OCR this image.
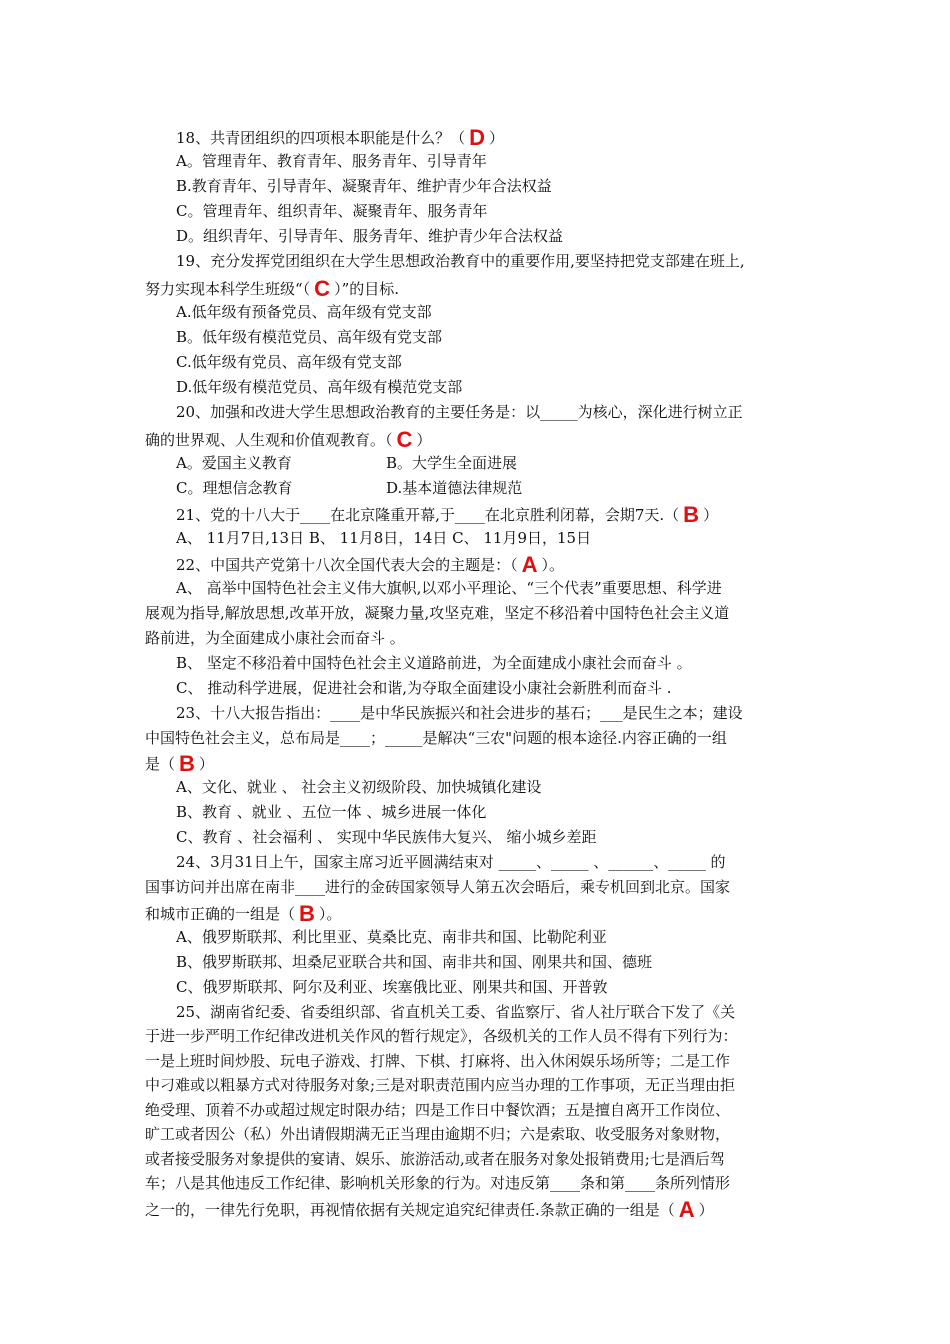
18、共青团组织的四项根本职能是什么？（ D ）
A。管理青年、教育青年、服务青年、引导青年
B.教育青年、引导青年、凝聚青年、维护青少年合法权益
C。管理青年、组织青年、凝聚青年、服务青年
D。组织青年、引导青年、服务青年、维护青少年合法权益
19、充分发挥党团组织在大学生思想政治教育中的重要作用,要坚持把党支部建在班上,
努力实现本科学生班级“（ C ）”的目标.
A.低年级有预备党员、高年级有党支部
B。低年级有模范党员、高年级有党支部
C.低年级有党员、高年级有党支部
D.低年级有模范党员、高年级有模范党支部
20、加强和改进大学生思想政治教育的主要任务是：以_____为核心，深化进行树立正
确的世界观、人生观和价值观教育。（ C ）
A。爱国主义教育	B。大学生全面进展
C。理想信念教育	D.基本道德法律规范
21、党的十八大于____在北京隆重开幕,于____在北京胜利闭幕，会期7天.（ B ）
A、 11月7日,13日 B、 11月8日，14日 C、 11月9日，15日
22、中国共产党第十八次全国代表大会的主题是：（ A ）。
A、 高举中国特色社会主义伟大旗帜,以邓小平理论、“三个代表”重要思想、科学进
展观为指导,解放思想,改革开放，凝聚力量,攻坚克难，坚定不移沿着中国特色社会主义道
路前进，为全面建成小康社会而奋斗 。
B、 坚定不移沿着中国特色社会主义道路前进，为全面建成小康社会而奋斗 。
C、 推动科学进展，促进社会和谐,为夺取全面建设小康社会新胜利而奋斗 .
23、十八大报告指出：____是中华民族振兴和社会进步的基石；___是民生之本；建设
中国特色社会主义，总布局是____；_____是解决“三农"问题的根本途径.内容正确的一组
是（ B ）
A、文化、就业 、 社会主义初级阶段、加快城镇化建设
B、教育 、就业 、五位一体 、城乡进展一体化
C、教育 、社会福利 、 实现中华民族伟大复兴、 缩小城乡差距
24、3月31日上午，国家主席习近平圆满结束对 _____、_____ 、______、_____ 的
国事访问并出席在南非____进行的金砖国家领导人第五次会晤后，乘专机回到北京。国家
和城市正确的一组是（ B ）。
A、俄罗斯联邦、利比里亚、莫桑比克、南非共和国、比勒陀利亚
B、俄罗斯联邦、坦桑尼亚联合共和国、南非共和国、刚果共和国、德班
C、俄罗斯联邦、阿尔及利亚、埃塞俄比亚、刚果共和国、开普敦
25、湖南省纪委、省委组织部、省直机关工委、省监察厅、省人社厅联合下发了《关
于进一步严明工作纪律改进机关作风的暂行规定》，各级机关的工作人员不得有下列行为：
一是上班时间炒股、玩电子游戏、打牌、下棋、打麻将、出入休闲娱乐场所等；二是工作
中刁难或以粗暴方式对待服务对象;三是对职责范围内应当办理的工作事项，无正当理由拒
绝受理、顶着不办或超过规定时限办结；四是工作日中餐饮酒；五是擅自离开工作岗位、
旷工或者因公（私）外出请假期满无正当理由逾期不归；六是索取、收受服务对象财物，
或者接受服务对象提供的宴请、娱乐、旅游活动,或者在服务对象处报销费用;七是酒后驾
车；八是其他违反工作纪律、影响机关形象的行为。对违反第____条和第____条所列情形
之一的，一律先行免职，再视情依据有关规定追究纪律责任.条款正确的一组是（ A ）
